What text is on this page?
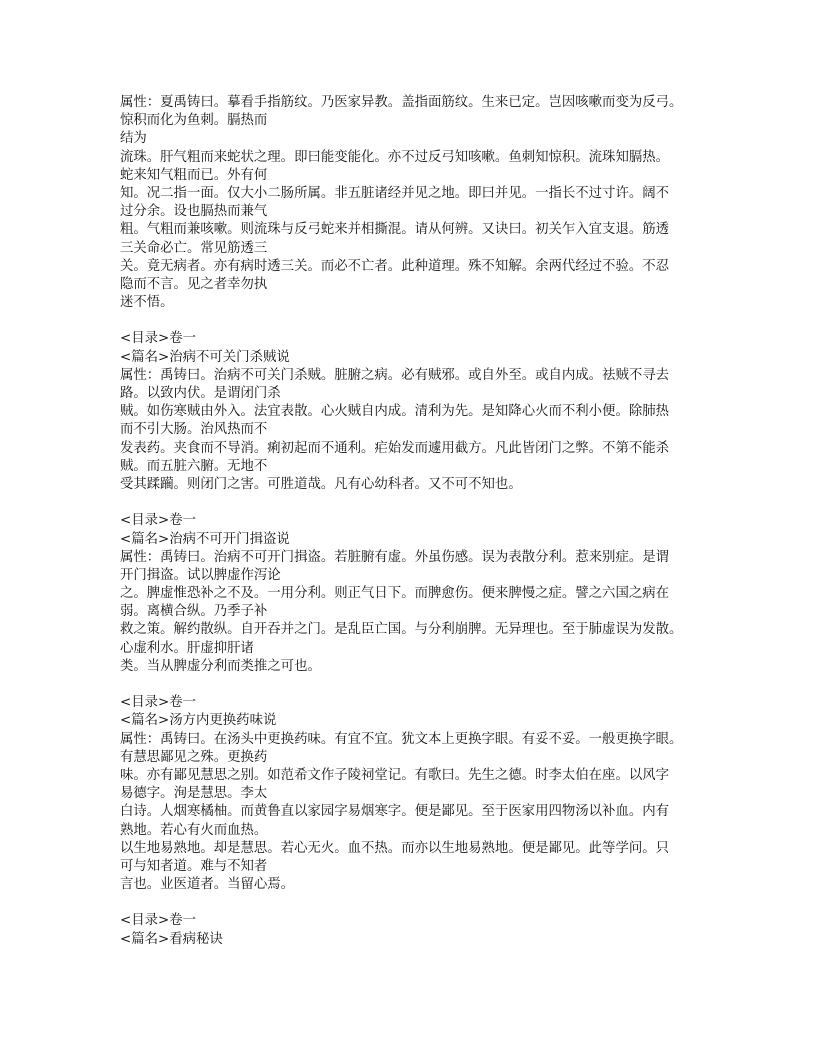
属性：夏禹铸曰。摹看手指筋纹。乃医家异教。盖指面筋纹。生来已定。岂因咳嗽而变为反弓。
惊积而化为鱼刺。膈热而
结为
流珠。肝气粗而来蛇状之理。即曰能变能化。亦不过反弓知咳嗽。鱼刺知惊积。流珠知膈热。
蛇来知气粗而已。外有何
知。况二指一面。仅大小二肠所属。非五脏诸经并见之地。即曰并见。一指长不过寸许。阔不
过分余。设也膈热而兼气
粗。气粗而兼咳嗽。则流珠与反弓蛇来并相撕混。请从何辨。又诀曰。初关乍入宜支退。筋透
三关命必亡。常见筋透三
关。竟无病者。亦有病时透三关。而必不亡者。此种道理。殊不知解。余两代经过不验。不忍
隐而不言。见之者幸勿执
迷不悟。
<目录>卷一
<篇名>治病不可关门杀贼说
属性：禹铸曰。治病不可关门杀贼。脏腑之病。必有贼邪。或自外至。或自内成。祛贼不寻去
路。以致内伏。是谓闭门杀
贼。如伤寒贼由外入。法宜表散。心火贼自内成。清利为先。是知降心火而不利小便。除肺热
而不引大肠。治风热而不
发表药。夹食而不导消。痢初起而不通利。疟始发而遽用截方。凡此皆闭门之弊。不第不能杀
贼。而五脏六腑。无地不
受其蹂躏。则闭门之害。可胜道哉。凡有心幼科者。又不可不知也。
<目录>卷一
<篇名>治病不可开门揖盗说
属性：禹铸曰。治病不可开门揖盗。若脏腑有虚。外虽伤感。误为表散分利。惹来别症。是谓
开门揖盗。试以脾虚作泻论
之。脾虚惟恐补之不及。一用分利。则正气日下。而脾愈伤。便来脾慢之症。譬之六国之病在
弱。离横合纵。乃季子补
救之策。解约散纵。自开吞并之门。是乱臣亡国。与分利崩脾。无异理也。至于肺虚误为发散。
心虚利水。肝虚抑肝诸
类。当从脾虚分利而类推之可也。
<目录>卷一
<篇名>汤方内更换药味说
属性：禹铸曰。在汤头中更换药味。有宜不宜。犹文本上更换字眼。有妥不妥。一般更换字眼。
有慧思鄙见之殊。更换药
味。亦有鄙见慧思之别。如范希文作子陵祠堂记。有歌曰。先生之德。时李太伯在座。以风字
易德字。洵是慧思。李太
白诗。人烟寒橘柚。而黄鲁直以家园字易烟寒字。便是鄙见。至于医家用四物汤以补血。内有
熟地。若心有火而血热。
以生地易熟地。却是慧思。若心无火。血不热。而亦以生地易熟地。便是鄙见。此等学问。只
可与知者道。难与不知者
言也。业医道者。当留心焉。
<目录>卷一
<篇名>看病秘诀
